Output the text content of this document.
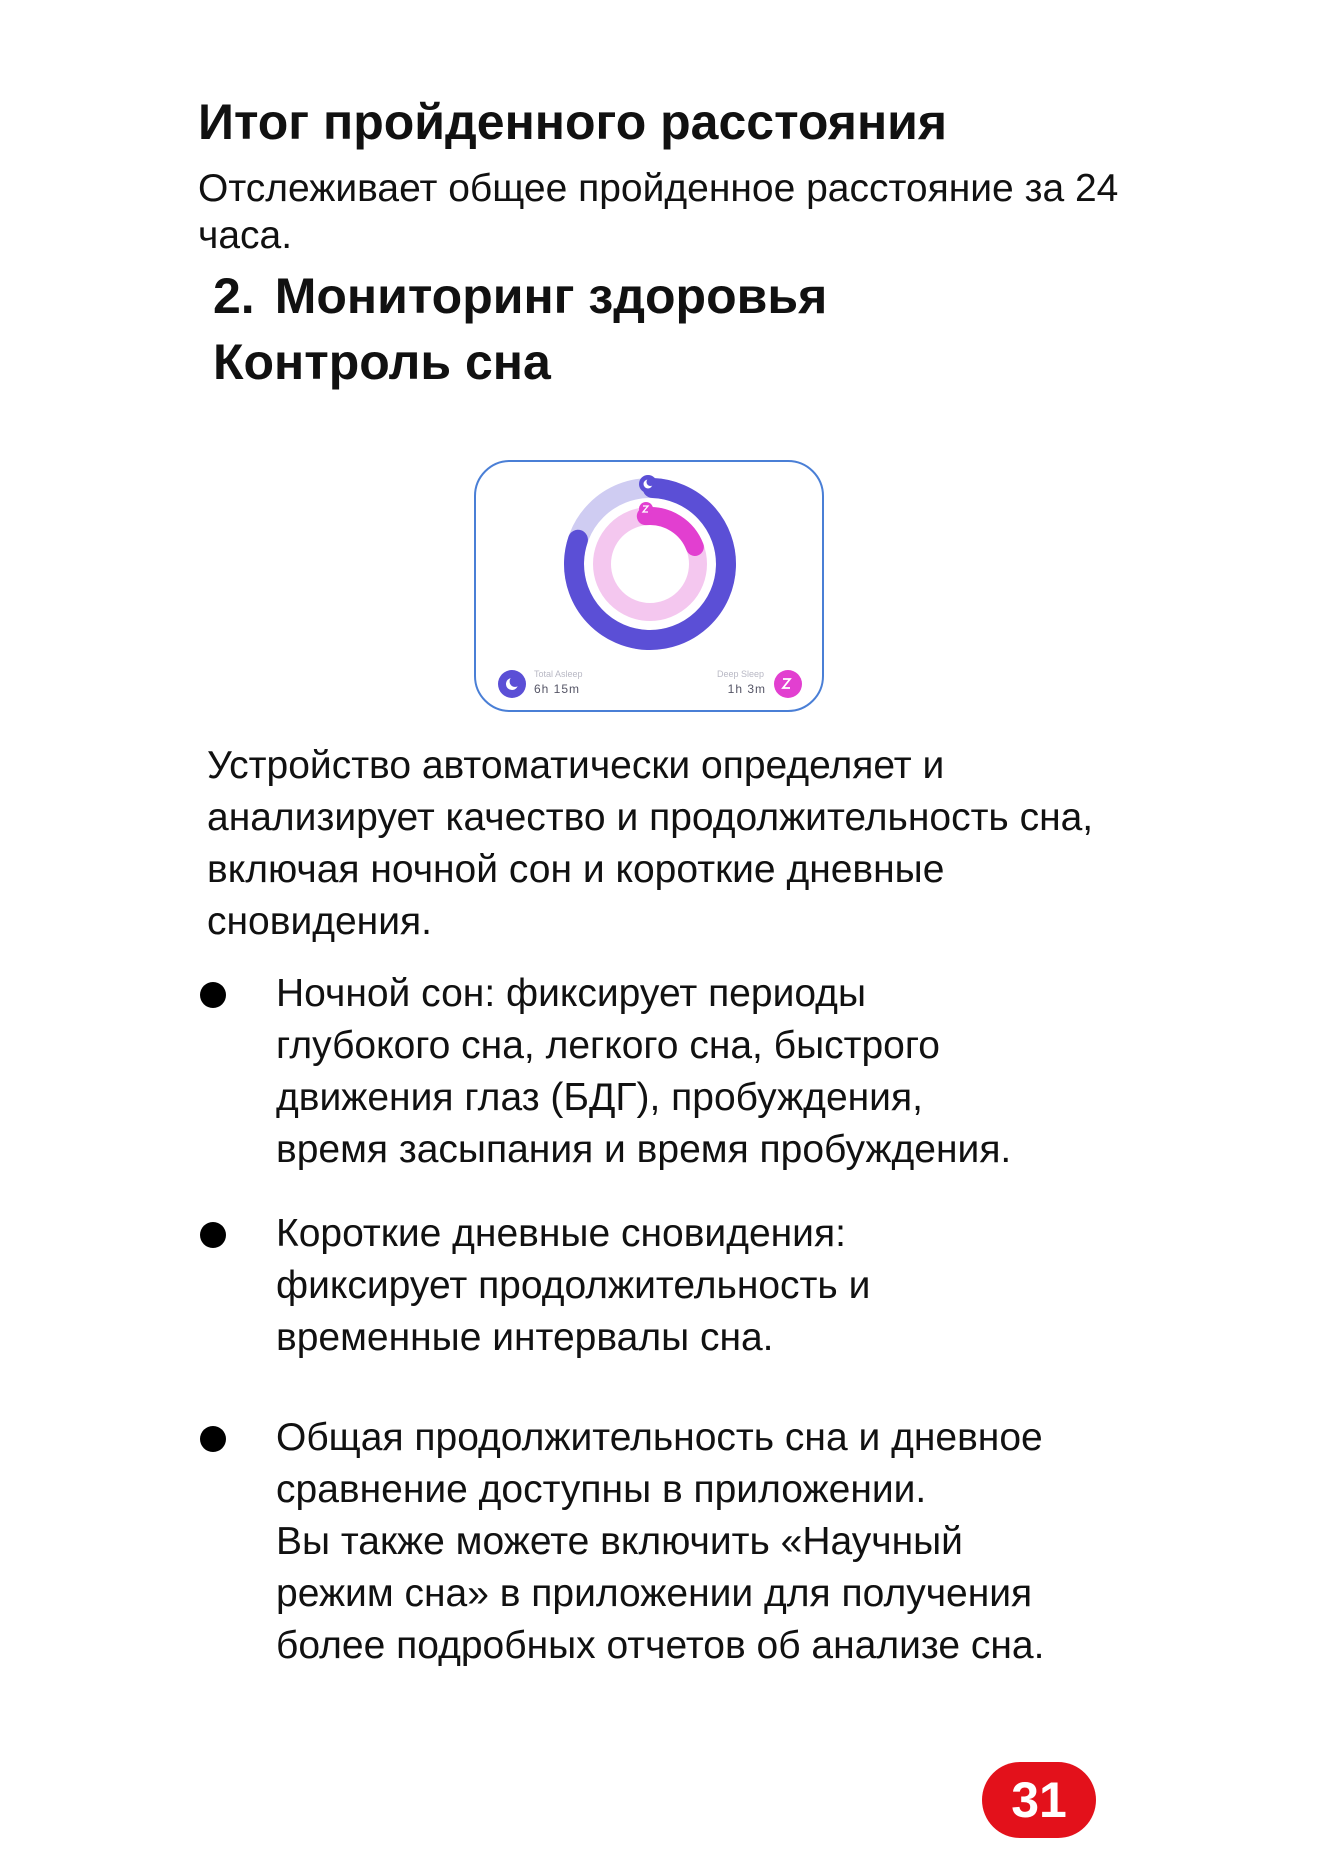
Итог пройденного расстояния

Отслеживает общее пройденное расстояние за 24 часа.

2. Мониторинг здоровья
Контроль сна
Total Asleep
6h 15m
Deep Sleep
1h 3m

Устройство автоматически определяет и анализирует качество и продолжительность сна, включая ночной сон и короткие дневные сновидения.

Ночной сон: фиксирует периоды
глубокого сна, легкого сна, быстрого
движения глаз (БДГ), пробуждения,
время засыпания и время пробуждения.
Короткие дневные сновидения:
фиксирует продолжительность и
временные интервалы сна.
Общая продолжительность сна и дневное
сравнение доступны в приложении.
Вы также можете включить «Научный
режим сна» в приложении для получения
более подробных отчетов об анализе сна.
31
